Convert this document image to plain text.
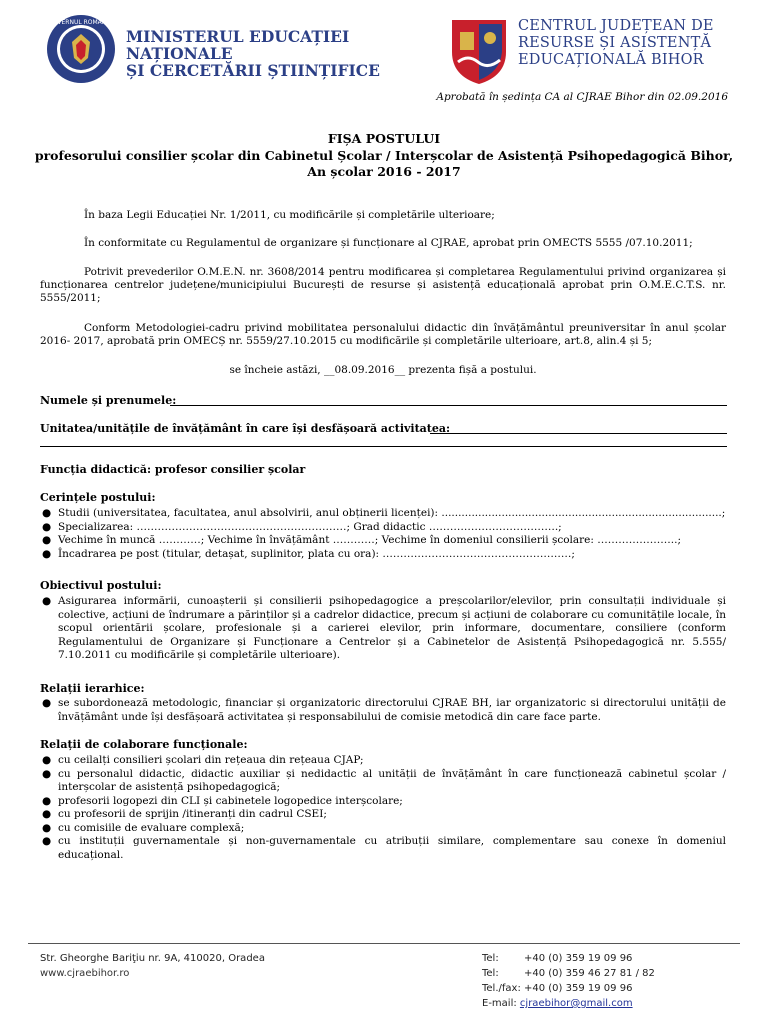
GUVERNUL ROMÂNIEI
MINISTERUL EDUCAȚIEI NAȚIONALE
ȘI CERCETĂRII ȘTIINȚIFICE
CENTRUL JUDEȚEAN DE
RESURSE ȘI ASISTENȚĂ
EDUCAȚIONALĂ BIHOR
Aprobată în ședința CA al CJRAE Bihor din 02.09.2016
FIȘA POSTULUI
profesorului consilier școlar din Cabinetul Școlar / Interșcolar de Asistență Psihopedagogică Bihor,
An școlar 2016 - 2017
În baza Legii Educației Nr. 1/2011, cu modificările și completările ulterioare;
În conformitate cu Regulamentul de organizare și funcționare al CJRAE, aprobat prin OMECTS 5555 /07.10.2011;
Potrivit prevederilor O.M.E.N. nr. 3608/2014 pentru modificarea și completarea Regulamentului privind organizarea și funcționarea centrelor județene/municipiului București de resurse și asistență educațională aprobat prin O.M.E.C.T.S. nr. 5555/2011;
Conform Metodologiei-cadru privind mobilitatea personalului didactic din învățământul preuniversitar în anul școlar 2016- 2017, aprobată prin OMECȘ nr. 5559/27.10.2015 cu modificările și completările ulterioare, art.8, alin.4 și 5;
se încheie astăzi, __08.09.2016__ prezenta fișă a postului.
Numele și prenumele:
Unitatea/unitățile de învățământ în care își desfășoară activitatea:
Funcția didactică: profesor consilier școlar
Cerințele postului:
● Studii (universitatea, facultatea, anul absolvirii, anul obținerii licenței): ....................................................................................;
● Specializarea: ……………………………………………………; Grad didactic ……………………………….;
● Vechime în muncă …………; Vechime în învățământ …………; Vechime în domeniul consilierii școlare: …………………..;
● Încadrarea pe post (titular, detașat, suplinitor, plata cu ora): ………………………………………………;
Obiectivul postului:
● Asigurarea informării, cunoașterii și consilierii psihopedagogice a preșcolarilor/elevilor, prin consultații individuale și colective, acțiuni de îndrumare a părinților și a cadrelor didactice, precum și acțiuni de colaborare cu comunitățile locale, în scopul orientării școlare, profesionale și a carierei elevilor, prin informare, documentare, consiliere (conform Regulamentului de Organizare și Funcționare a Centrelor și a Cabinetelor de Asistență Psihopedagogică nr. 5.555/ 7.10.2011 cu modificările și completările ulterioare).
Relații ierarhice:
● se subordonează metodologic, financiar și organizatoric directorului CJRAE BH, iar organizatoric si directorului unității de învățământ unde își desfășoară activitatea și responsabilului de comisie metodică din care face parte.
Relații de colaborare funcționale:
● cu ceilalți consilieri școlari din rețeaua din rețeaua CJAP;
● cu personalul didactic, didactic auxiliar și nedidactic al unității de învățământ în care funcționează cabinetul școlar / interșcolar de asistență psihopedagogică;
● profesorii logopezi din CLI și cabinetele logopedice interșcolare;
● cu profesorii de sprijin /itineranți din cadrul CSEI;
● cu comisiile de evaluare complexă;
● cu instituții guvernamentale și non-guvernamentale cu atribuții similare, complementare sau conexe în domeniul educațional.
Str. Gheorghe Bariţiu nr. 9A, 410020, Oradea
www.cjraebihor.ro
Tel:	+40 (0) 359 19 09 96
Tel:	+40 (0) 359 46 27 81 / 82
Tel./fax: +40 (0) 359 19 09 96
E-mail: cjraebihor@gmail.com
